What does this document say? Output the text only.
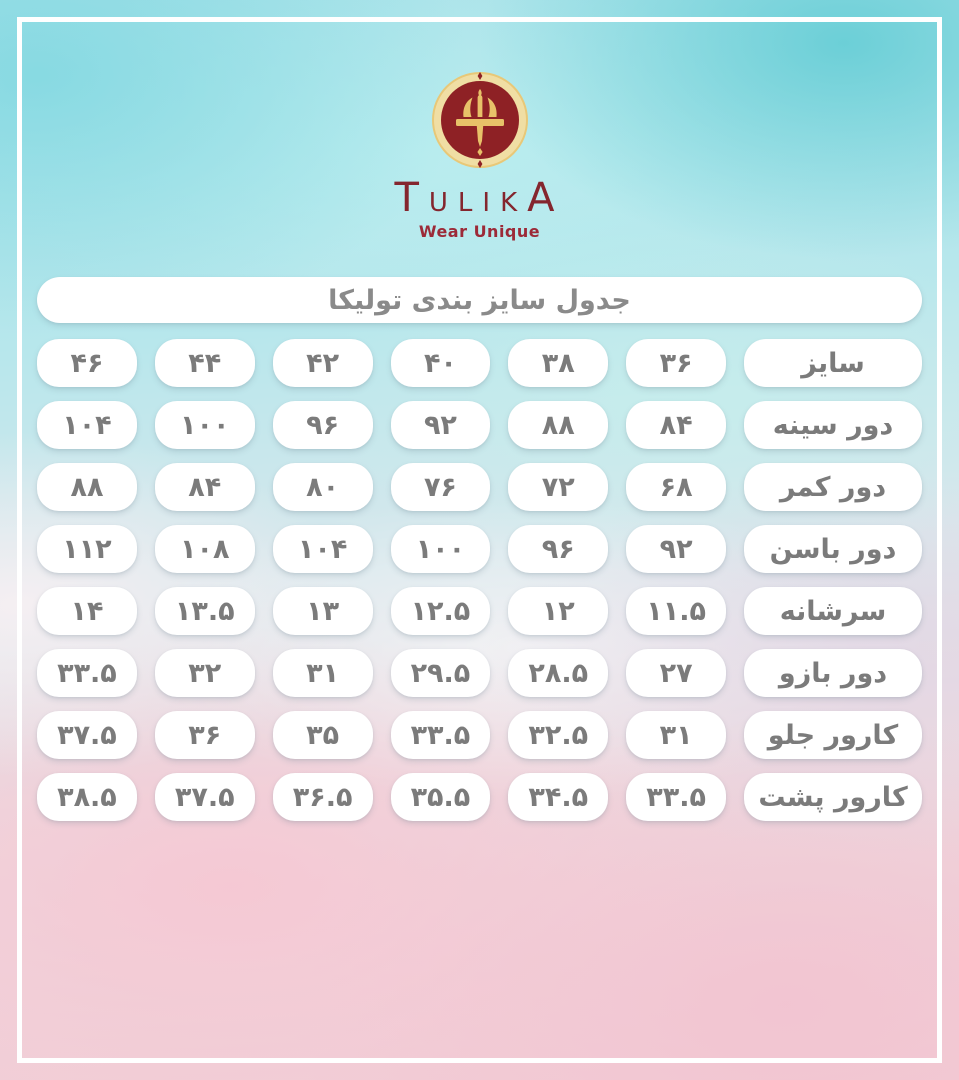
T ULIK A
Wear Unique
جدول سایز بندی تولیکا
سایز
۳۶
۳۸
۴۰
۴۲
۴۴
۴۶
دور سینه
۸۴
۸۸
۹۲
۹۶
۱۰۰
۱۰۴
دور کمر
۶۸
۷۲
۷۶
۸۰
۸۴
۸۸
دور باسن
۹۲
۹۶
۱۰۰
۱۰۴
۱۰۸
۱۱۲
سرشانه
۱۱.۵
۱۲
۱۲.۵
۱۳
۱۳.۵
۱۴
دور بازو
۲۷
۲۸.۵
۲۹.۵
۳۱
۳۲
۳۳.۵
کارور جلو
۳۱
۳۲.۵
۳۳.۵
۳۵
۳۶
۳۷.۵
کارور پشت
۳۳.۵
۳۴.۵
۳۵.۵
۳۶.۵
۳۷.۵
۳۸.۵
